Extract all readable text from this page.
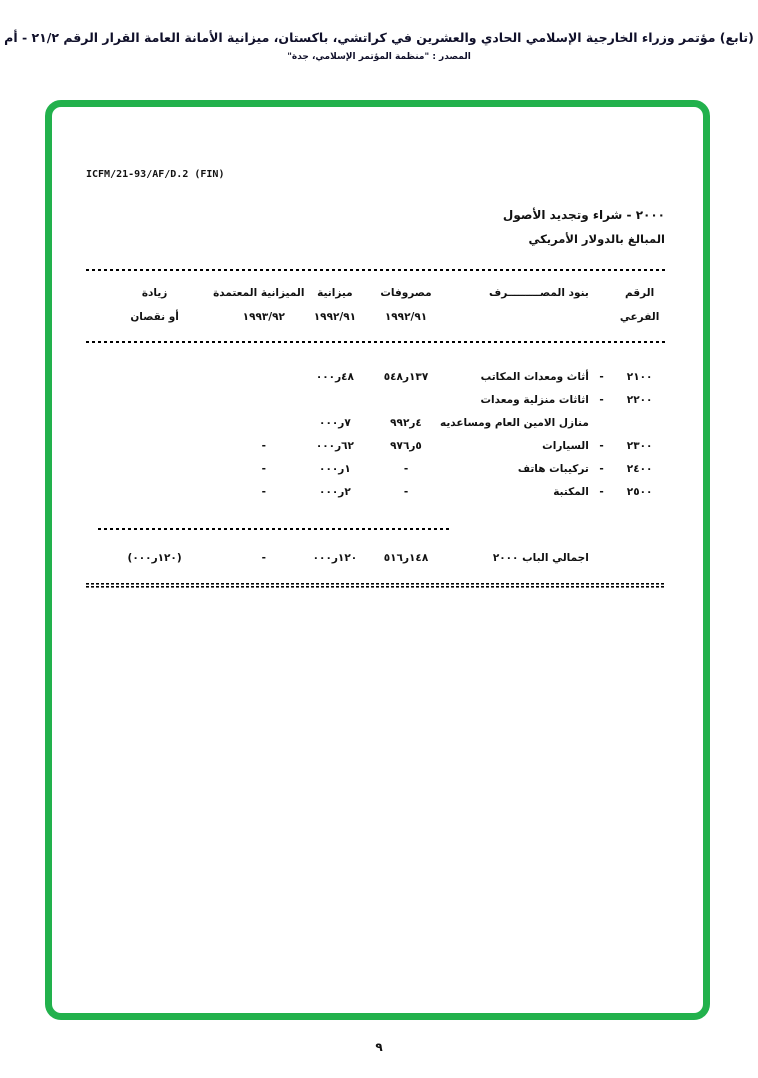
(تابع) مؤتمر وزراء الخارجية الإسلامي الحادي والعشرين في كراتشي، باكستان، ميزانية الأمانة العامة القرار الرقم ٢١/٢ - أم
المصدر : "منظمة المؤتمر الإسلامي، جدة"
ICFM/21-93/AF/D.2 (FIN)
٢٠٠٠ - شراء وتجديد الأصول
المبالغ بالدولار الأمريكي

الرقم		بنود المصـــــــــرف	مصروفات	ميزانية	الميزانية المعتمدة	زيادة
الفرعي			١٩٩٢/٩١	١٩٩٢/٩١	١٩٩٣/٩٢	أو نقصان

٢١٠٠	-	أثاث ومعدات المكاتب	١٣٧ر٥٤٨	٤٨ر٠٠٠		
٢٢٠٠	-	اثاثات منزلية ومعدات				
		منازل الامين العام ومساعديه	٤ر٩٩٢	٧ر٠٠٠		
٢٣٠٠	-	السيارات	٥ر٩٧٦	٦٢ر٠٠٠	-	
٢٤٠٠	-	تركيبات هاتف	-	١ر٠٠٠	-	
٢٥٠٠	-	المكتبة	-	٢ر٠٠٠	-	

		اجمالي الباب ٢٠٠٠	١٤٨ر٥١٦	١٢٠ر٠٠٠	-	(١٢٠ر٠٠٠)

٩
